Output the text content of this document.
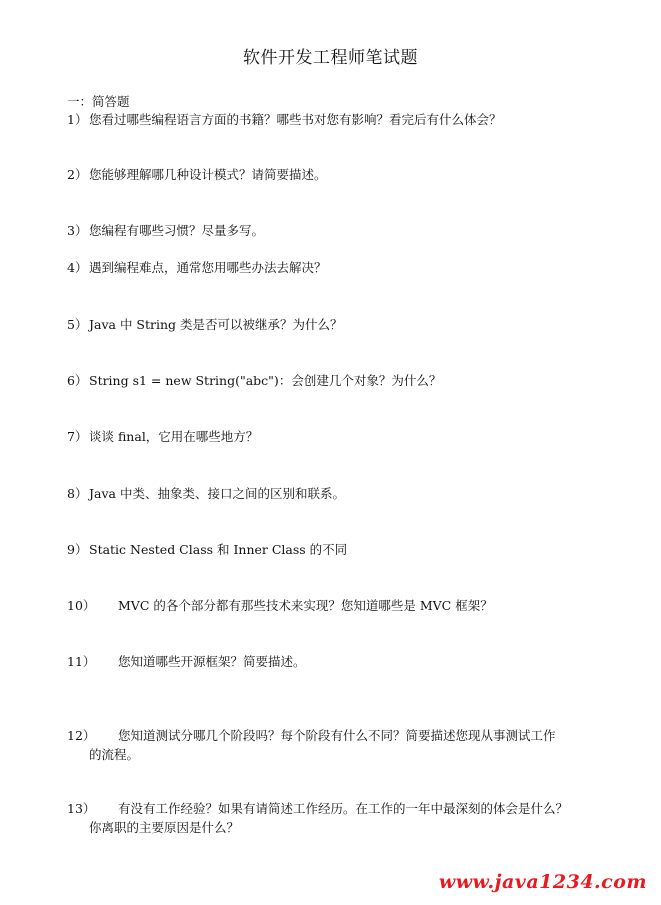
软件开发工程师笔试题
一：简答题
1） 您看过哪些编程语言方面的书籍？哪些书对您有影响？看完后有什么体会？
2） 您能够理解哪几种设计模式？请简要描述。
3） 您编程有哪些习惯？尽量多写。
4） 遇到编程难点，通常您用哪些办法去解决？
5） Java 中 String 类是否可以被继承？为什么？
6） String s1 = new String("abc")：会创建几个对象？为什么？
7） 谈谈 final，它用在哪些地方？
8） Java 中类、抽象类、接口之间的区别和联系。
9） Static Nested Class 和 Inner Class 的不同
10） MVC 的各个部分都有那些技术来实现？您知道哪些是 MVC 框架？
11） 您知道哪些开源框架？简要描述。
12） 您知道测试分哪几个阶段吗？每个阶段有什么不同？简要描述您现从事测试工作
的流程。
13） 有没有工作经验？如果有请简述工作经历。在工作的一年中最深刻的体会是什么？
你离职的主要原因是什么？
www.java1234.com
